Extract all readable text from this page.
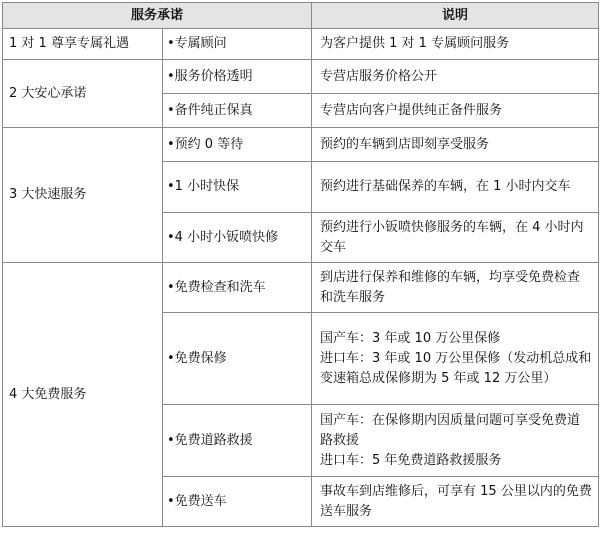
服务承诺		说明
1 对 1 尊享专属礼遇	•专属顾问	为客户提供 1 对 1 专属顾问服务

2 大安心承诺	•服务价格透明	专营店服务价格公开

	•备件纯正保真	专营店向客户提供纯正备件服务

3 大快速服务	•预约 0 等待	预约的车辆到店即刻享受服务

	•1 小时快保	预约进行基础保养的车辆，在 1 小时内交车

	•4 小时小钣喷快修	预约进行小钣喷快修服务的车辆，在 4 小时内交车

4 大免费服务	•免费检查和洗车	到店进行保养和维修的车辆，均享受免费检查和洗车服务

	•免费保修	国产车：3 年或 10 万公里保修
进口车：3 年或 10 万公里保修（发动机总成和变速箱总成保修期为 5 年或 12 万公里）

	•免费道路救援	国产车：在保修期内因质量问题可享受免费道路救援
进口车：5 年免费道路救援服务

	•免费送车	事故车到店维修后，可享有 15 公里以内的免费送车服务
